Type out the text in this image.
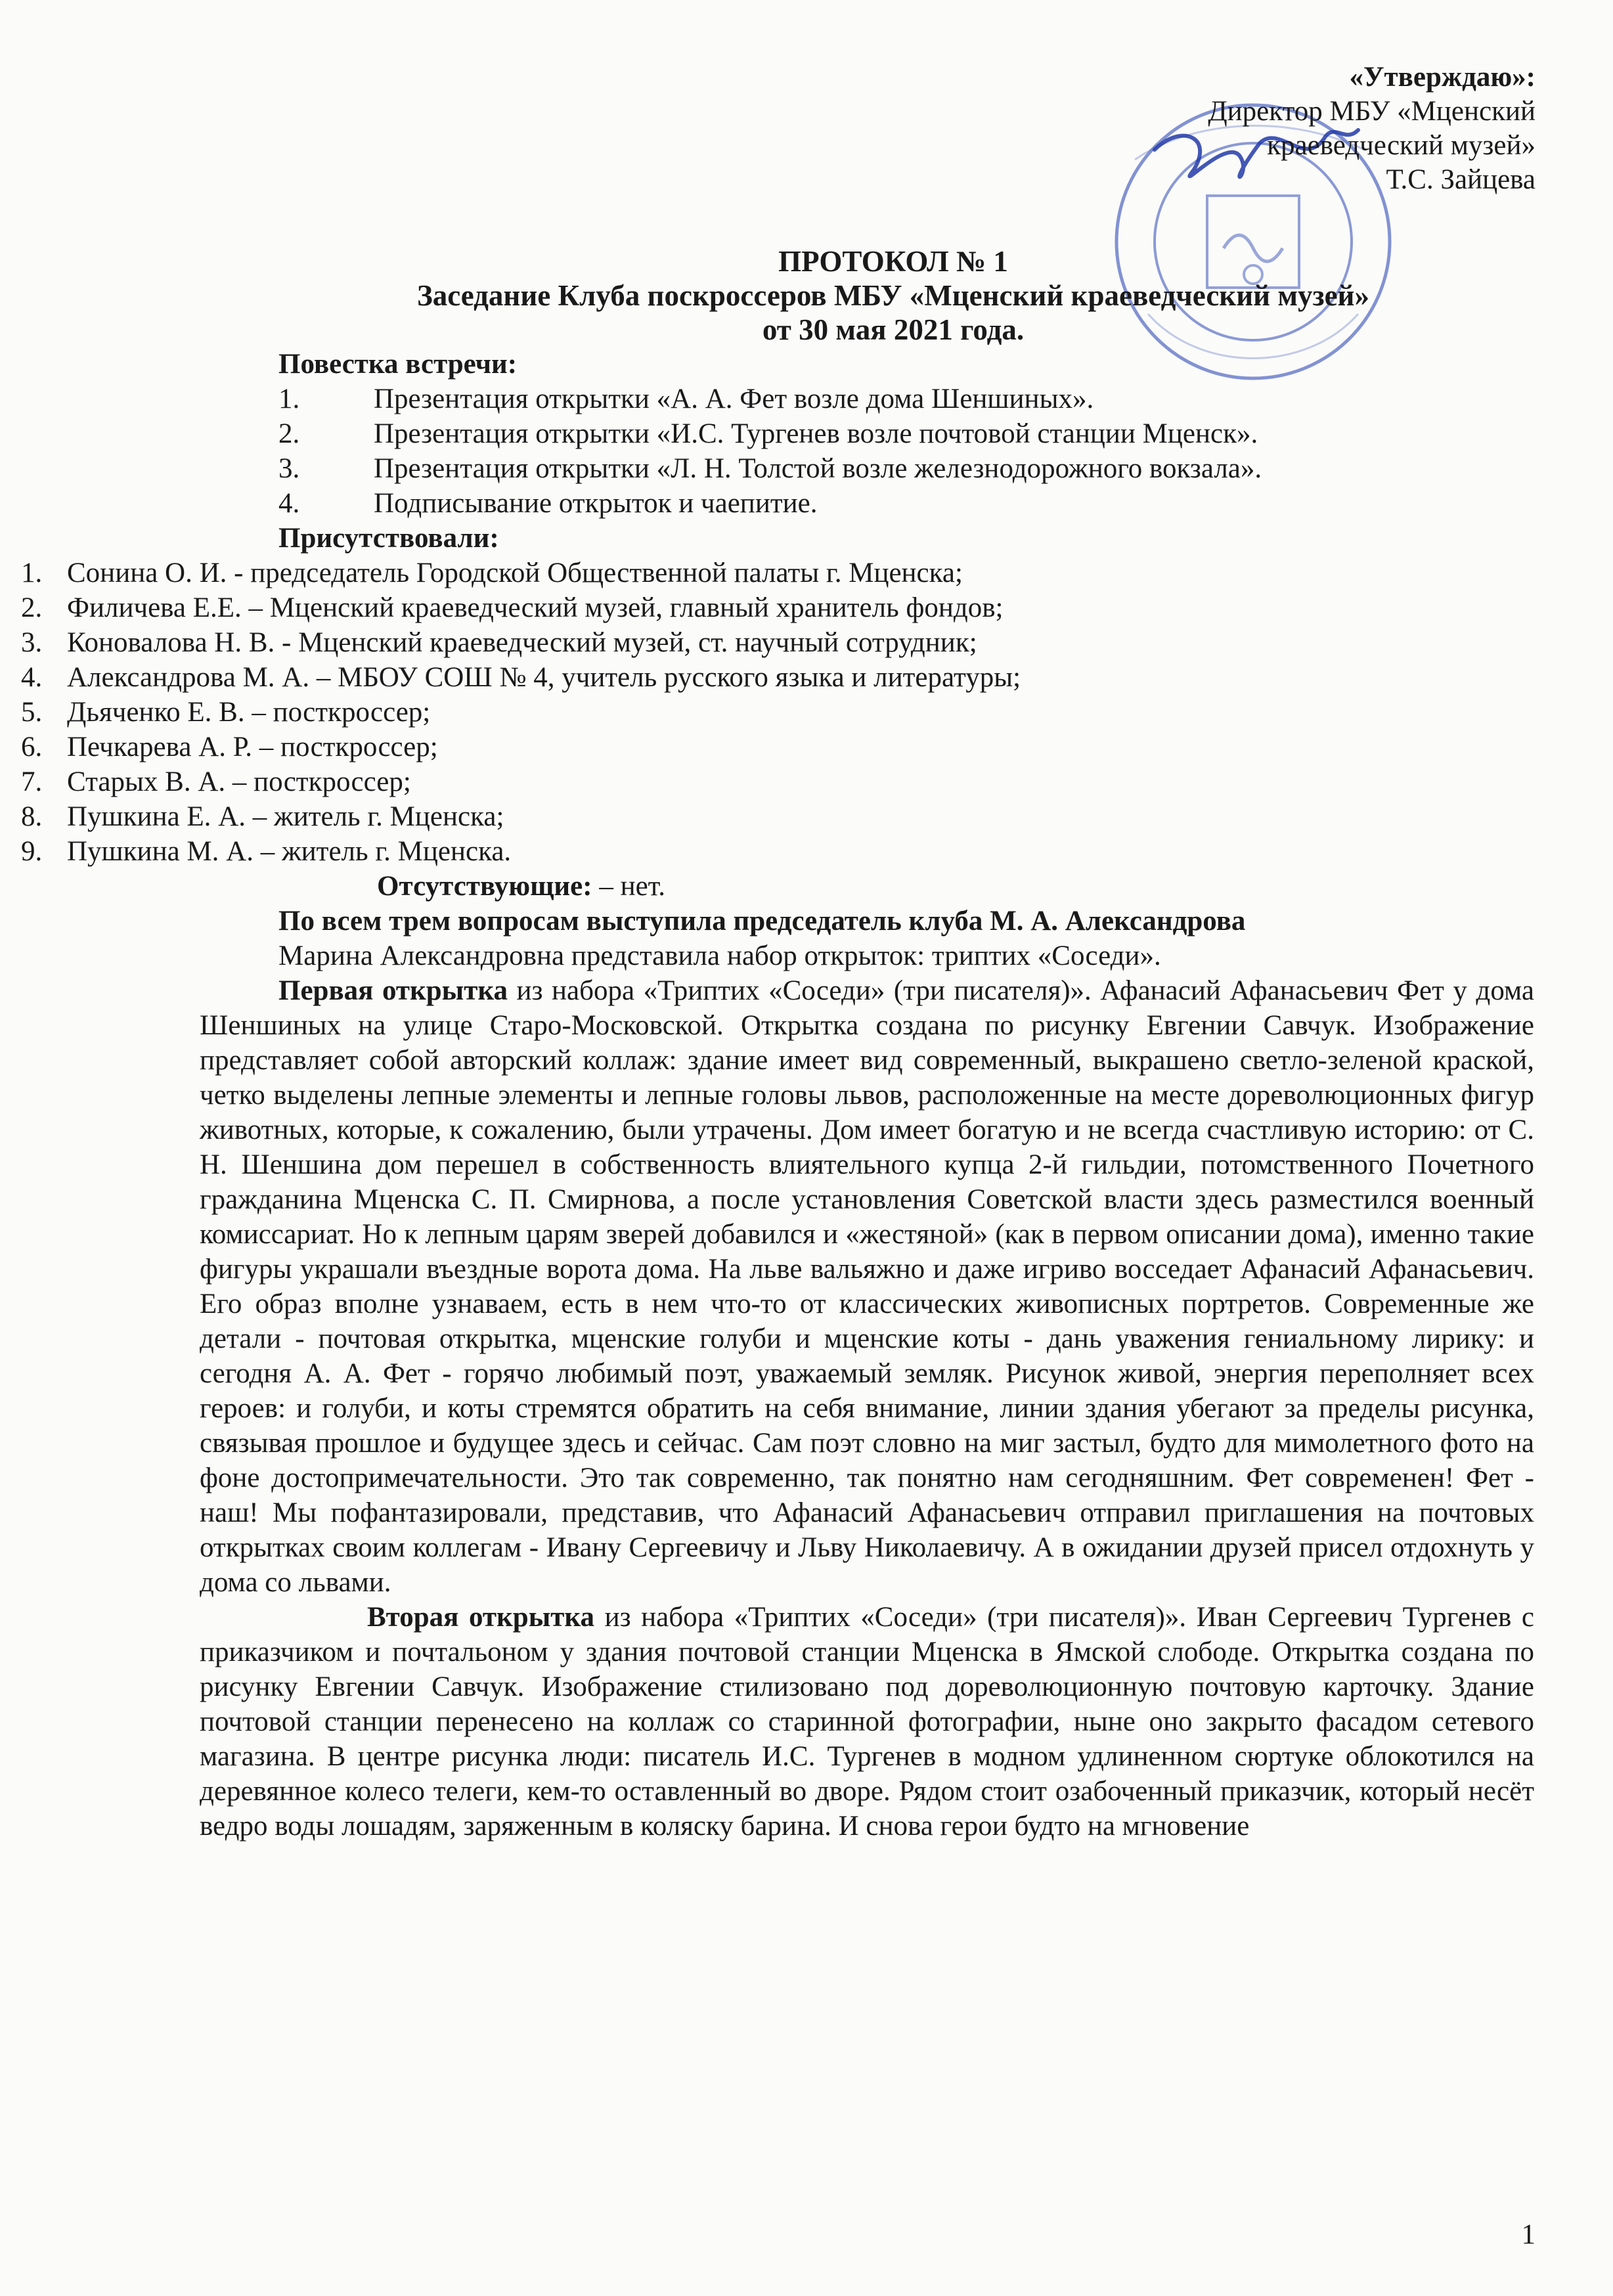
«Утверждаю»:
Директор МБУ «Мценский
краеведческий музей»
Т.С. Зайцева
ПРОТОКОЛ № 1
Заседание Клуба поскроссеров МБУ «Мценский краеведческий музей»
от 30 мая 2021 года.
Повестка встречи:
1.	Презентация открытки «А. А. Фет возле дома Шеншиных».
2.	Презентация открытки «И.С. Тургенев возле почтовой станции Мценск».
3.	Презентация открытки «Л. Н. Толстой возле железнодорожного вокзала».
4.	Подписывание открыток и чаепитие.
Присутствовали:
1. Сонина О. И. - председатель Городской Общественной палаты г. Мценска;
2. Филичева Е.Е. – Мценский краеведческий музей, главный хранитель фондов;
3. Коновалова Н. В. - Мценский краеведческий музей, ст. научный сотрудник;
4. Александрова М. А. – МБОУ СОШ № 4, учитель русского языка и литературы;
5. Дьяченко Е. В. – посткроссер;
6. Печкарева А. Р. – посткроссер;
7. Старых В. А. – посткроссер;
8. Пушкина Е. А. – житель г. Мценска;
9. Пушкина М. А. – житель г. Мценска.
Отсутствующие: – нет.
По всем трем вопросам выступила председатель клуба М. А. Александрова

Марина Александровна представила набор открыток: триптих «Соседи».

Первая открытка из набора «Триптих «Соседи» (три писателя)». Афанасий Афанасьевич Фет у дома Шеншиных на улице Старо-Московской. Открытка создана по рисунку Евгении Савчук. Изображение представляет собой авторский коллаж: здание имеет вид современный, выкрашено светло-зеленой краской, четко выделены лепные элементы и лепные головы львов, расположенные на месте дореволюционных фигур животных, которые, к сожалению, были утрачены. Дом имеет богатую и не всегда счастливую историю: от С. Н. Шеншина дом перешел в собственность влиятельного купца 2-й гильдии, потомственного Почетного гражданина Мценска С. П. Смирнова, а после установления Советской власти здесь разместился военный комиссариат. Но к лепным царям зверей добавился и «жестяной» (как в первом описании дома), именно такие фигуры украшали въездные ворота дома. На льве вальяжно и даже игриво восседает Афанасий Афанасьевич. Его образ вполне узнаваем, есть в нем что-то от классических живописных портретов. Современные же детали - почтовая открытка, мценские голуби и мценские коты - дань уважения гениальному лирику: и сегодня А. А. Фет - горячо любимый поэт, уважаемый земляк. Рисунок живой, энергия переполняет всех героев: и голуби, и коты стремятся обратить на себя внимание, линии здания убегают за пределы рисунка, связывая прошлое и будущее здесь и сейчас. Сам поэт словно на миг застыл, будто для мимолетного фото на фоне достопримечательности. Это так современно, так понятно нам сегодняшним. Фет современен! Фет - наш! Мы пофантазировали, представив, что Афанасий Афанасьевич отправил приглашения на почтовых открытках своим коллегам - Ивану Сергеевичу и Льву Николаевичу. А в ожидании друзей присел отдохнуть у дома со львами.

Вторая открытка из набора «Триптих «Соседи» (три писателя)». Иван Сергеевич Тургенев с приказчиком и почтальоном у здания почтовой станции Мценска в Ямской слободе. Открытка создана по рисунку Евгении Савчук. Изображение стилизовано под дореволюционную почтовую карточку. Здание почтовой станции перенесено на коллаж со старинной фотографии, ныне оно закрыто фасадом сетевого магазина. В центре рисунка люди: писатель И.С. Тургенев в модном удлиненном сюртуке облокотился на деревянное колесо телеги, кем-то оставленный во дворе. Рядом стоит озабоченный приказчик, который несёт ведро воды лошадям, заряженным в коляску барина. И снова герои будто на мгновение

1
